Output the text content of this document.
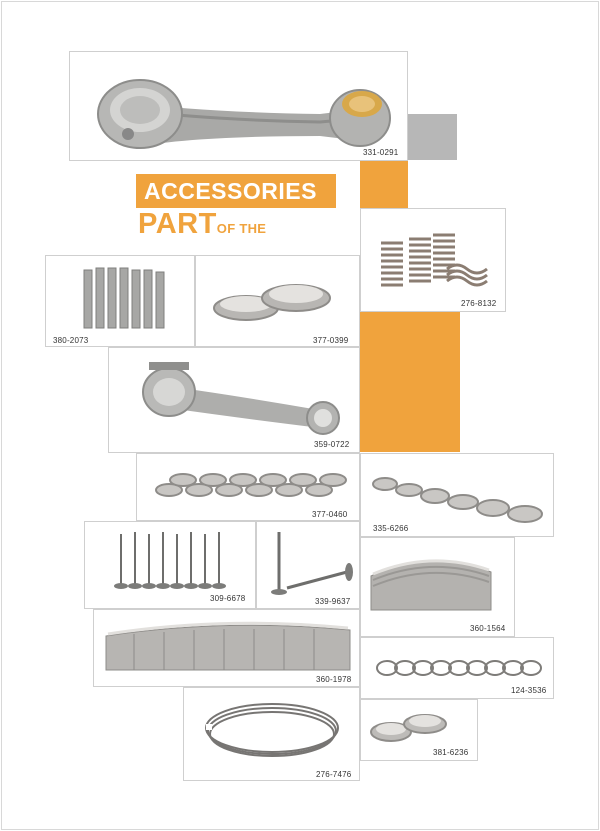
ACCESSORIES
PARTOF THE
331-0291
276-8132
380-2073	377-0399
359-0722
377-0460
335-6266
309-6678	339-9637
360-1564
360-1978
124-3536
381-6236
276-7476
